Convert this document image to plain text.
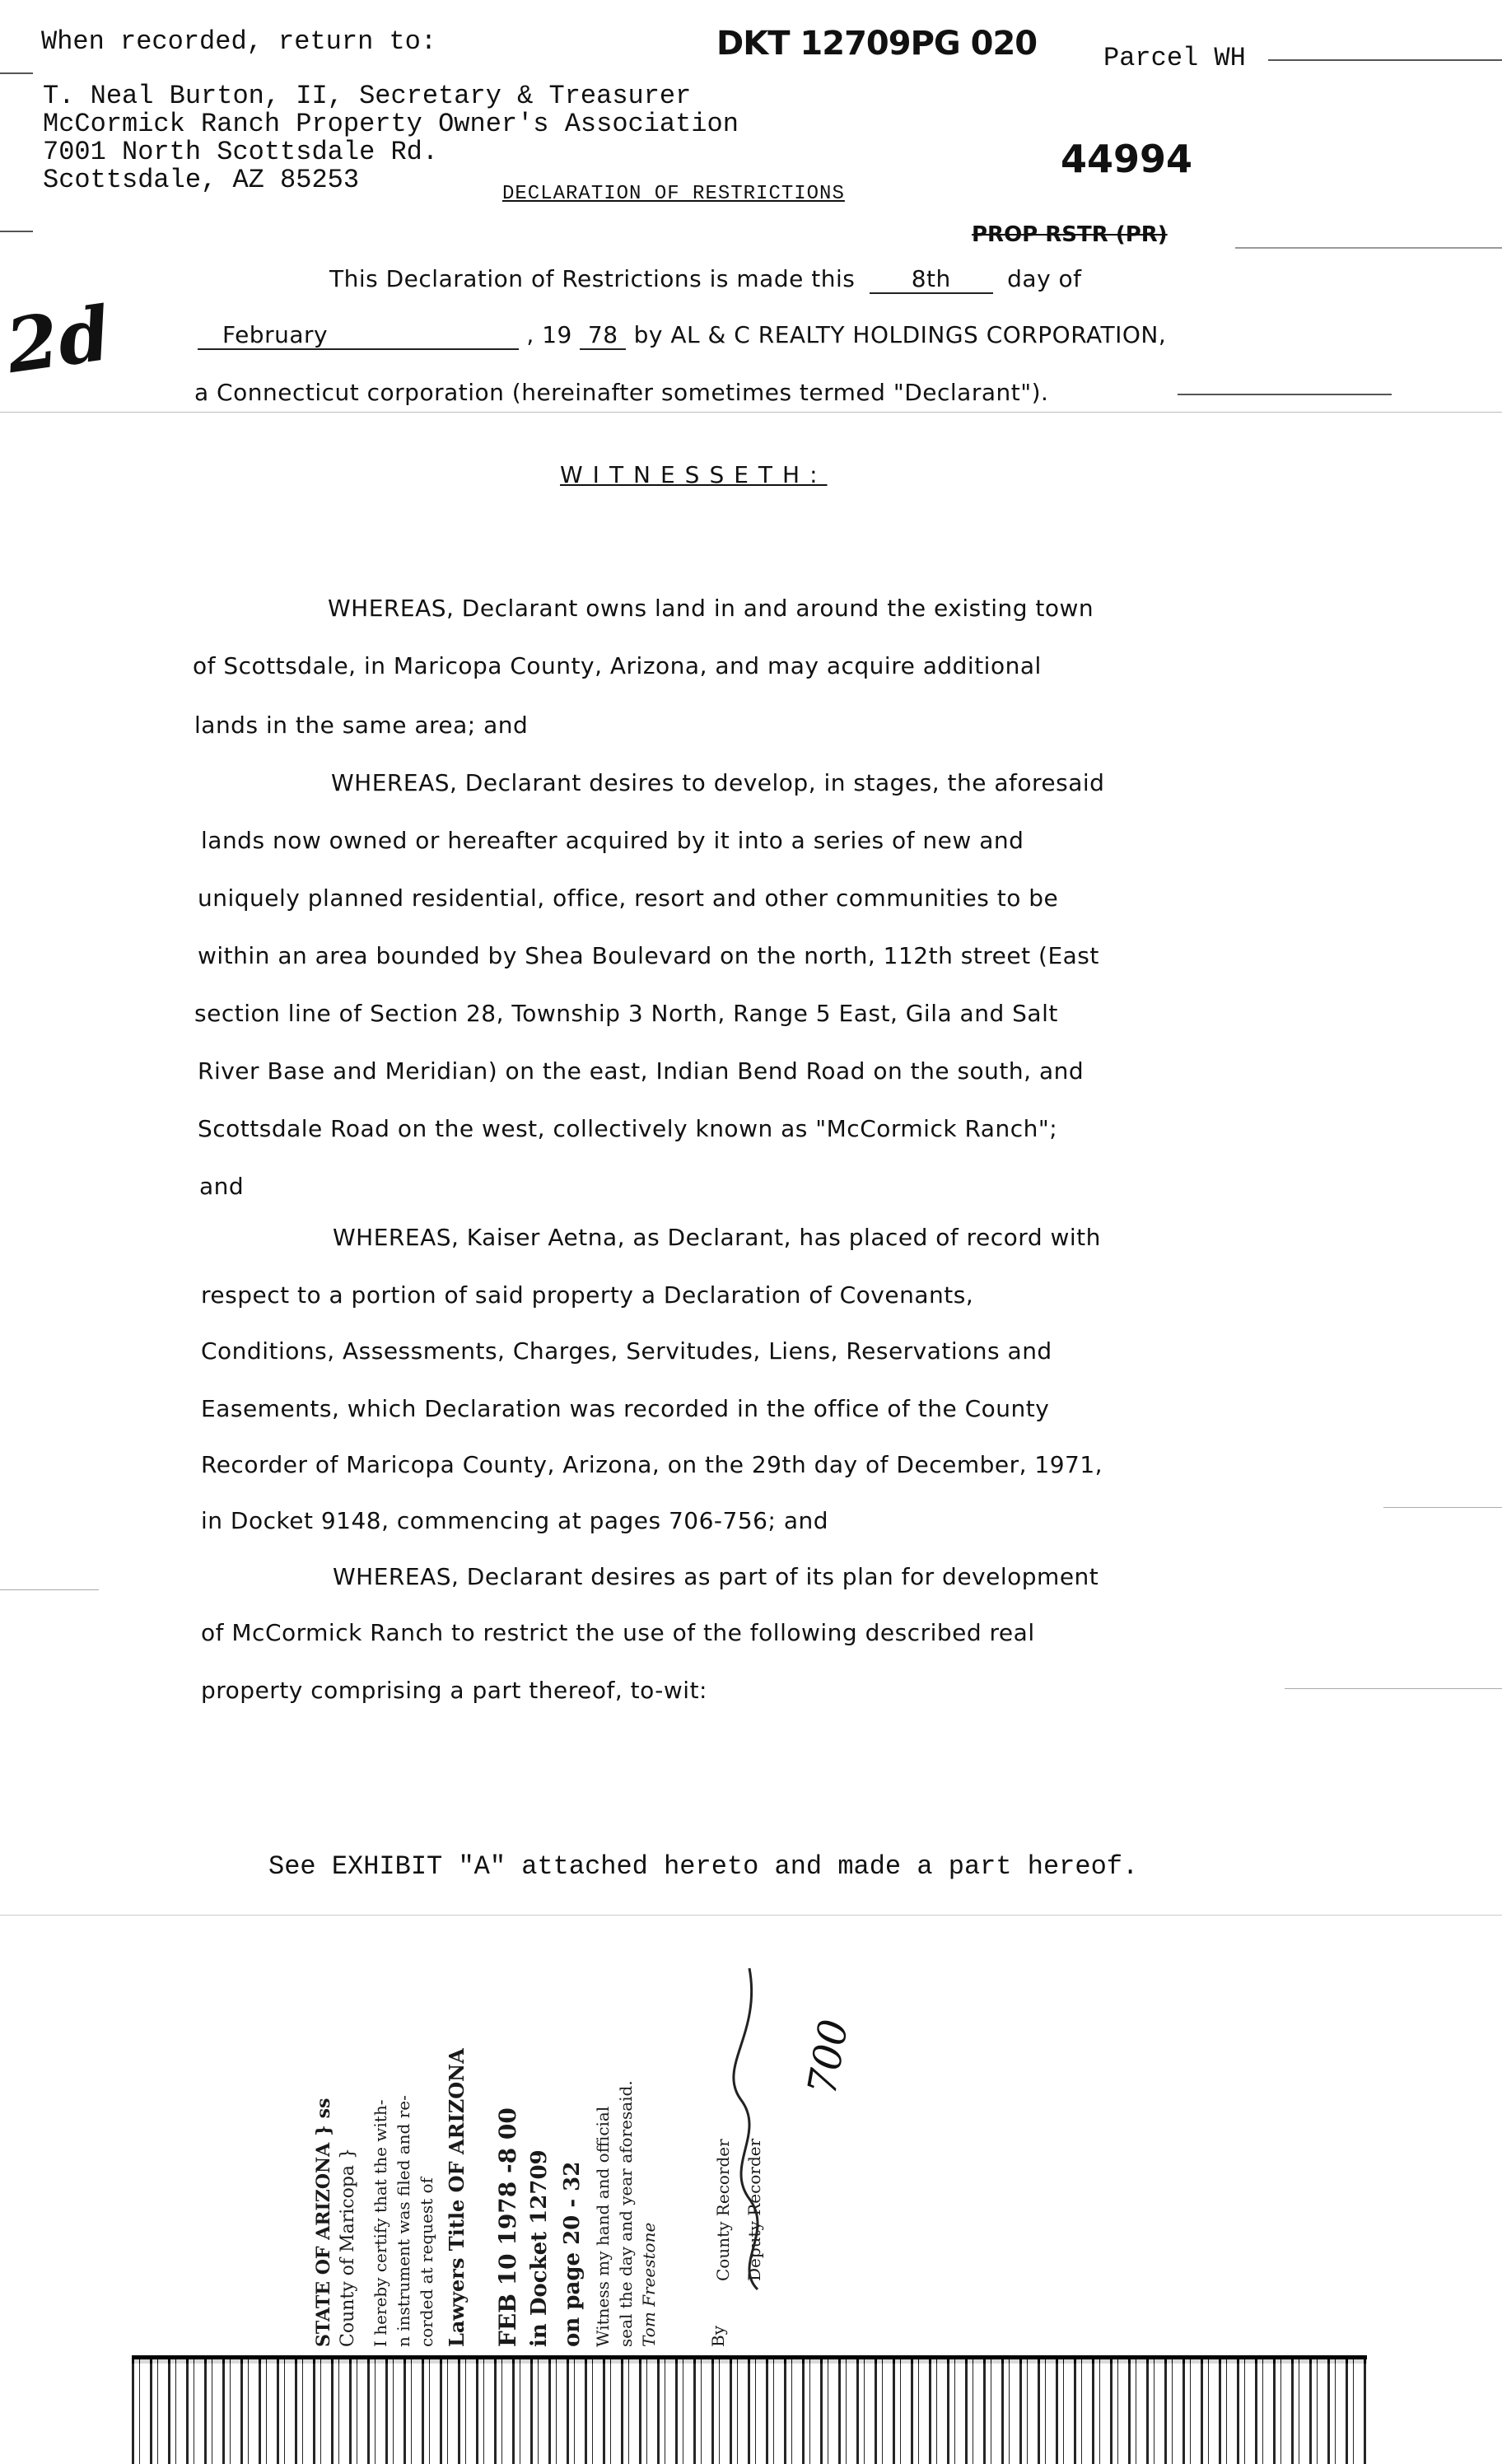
When recorded, return to:	DKT 12709PG 020	Parcel WH
T. Neal Burton, II, Secretary & Treasurer
McCormick Ranch Property Owner's Association
7001 North Scottsdale Rd.
Scottsdale, AZ 85253	44994
DECLARATION OF RESTRICTIONS
PROP RSTR (PR)
2d
This Declaration of Restrictions is made this 8th day of
February	, 19 78 by AL & C REALTY HOLDINGS CORPORATION,
a Connecticut corporation (hereinafter sometimes termed "Declarant").
WITNESSETH:
WHEREAS, Declarant owns land in and around the existing town
of Scottsdale, in Maricopa County, Arizona, and may acquire additional
lands in the same area; and
WHEREAS, Declarant desires to develop, in stages, the aforesaid
lands now owned or hereafter acquired by it into a series of new and
uniquely planned residential, office, resort and other communities to be
within an area bounded by Shea Boulevard on the north, 112th street (East
section line of Section 28, Township 3 North, Range 5 East, Gila and Salt
River Base and Meridian) on the east, Indian Bend Road on the south, and
Scottsdale Road on the west, collectively known as "McCormick Ranch";
and
WHEREAS, Kaiser Aetna, as Declarant, has placed of record with
respect to a portion of said property a Declaration of Covenants,
Conditions, Assessments, Charges, Servitudes, Liens, Reservations and
Easements, which Declaration was recorded in the office of the County
Recorder of Maricopa County, Arizona, on the 29th day of December, 1971,
in Docket 9148, commencing at pages 706-756; and
WHEREAS, Declarant desires as part of its plan for development
of McCormick Ranch to restrict the use of the following described real
property comprising a part thereof, to-wit:
See EXHIBIT "A" attached hereto and made a part hereof.
STATE OF ARIZONA } ss County of Maricopa } I hereby certify that the with- n instrument was filed and re- corded at request of Lawyers Title OF ARIZONA FEB 10 1978 -8 00 in Docket 12709 on page 20 - 32 Witness my hand and official seal the day and year aforesaid. Tom Freestone
County Recorder
By
Deputy Recorder
700
